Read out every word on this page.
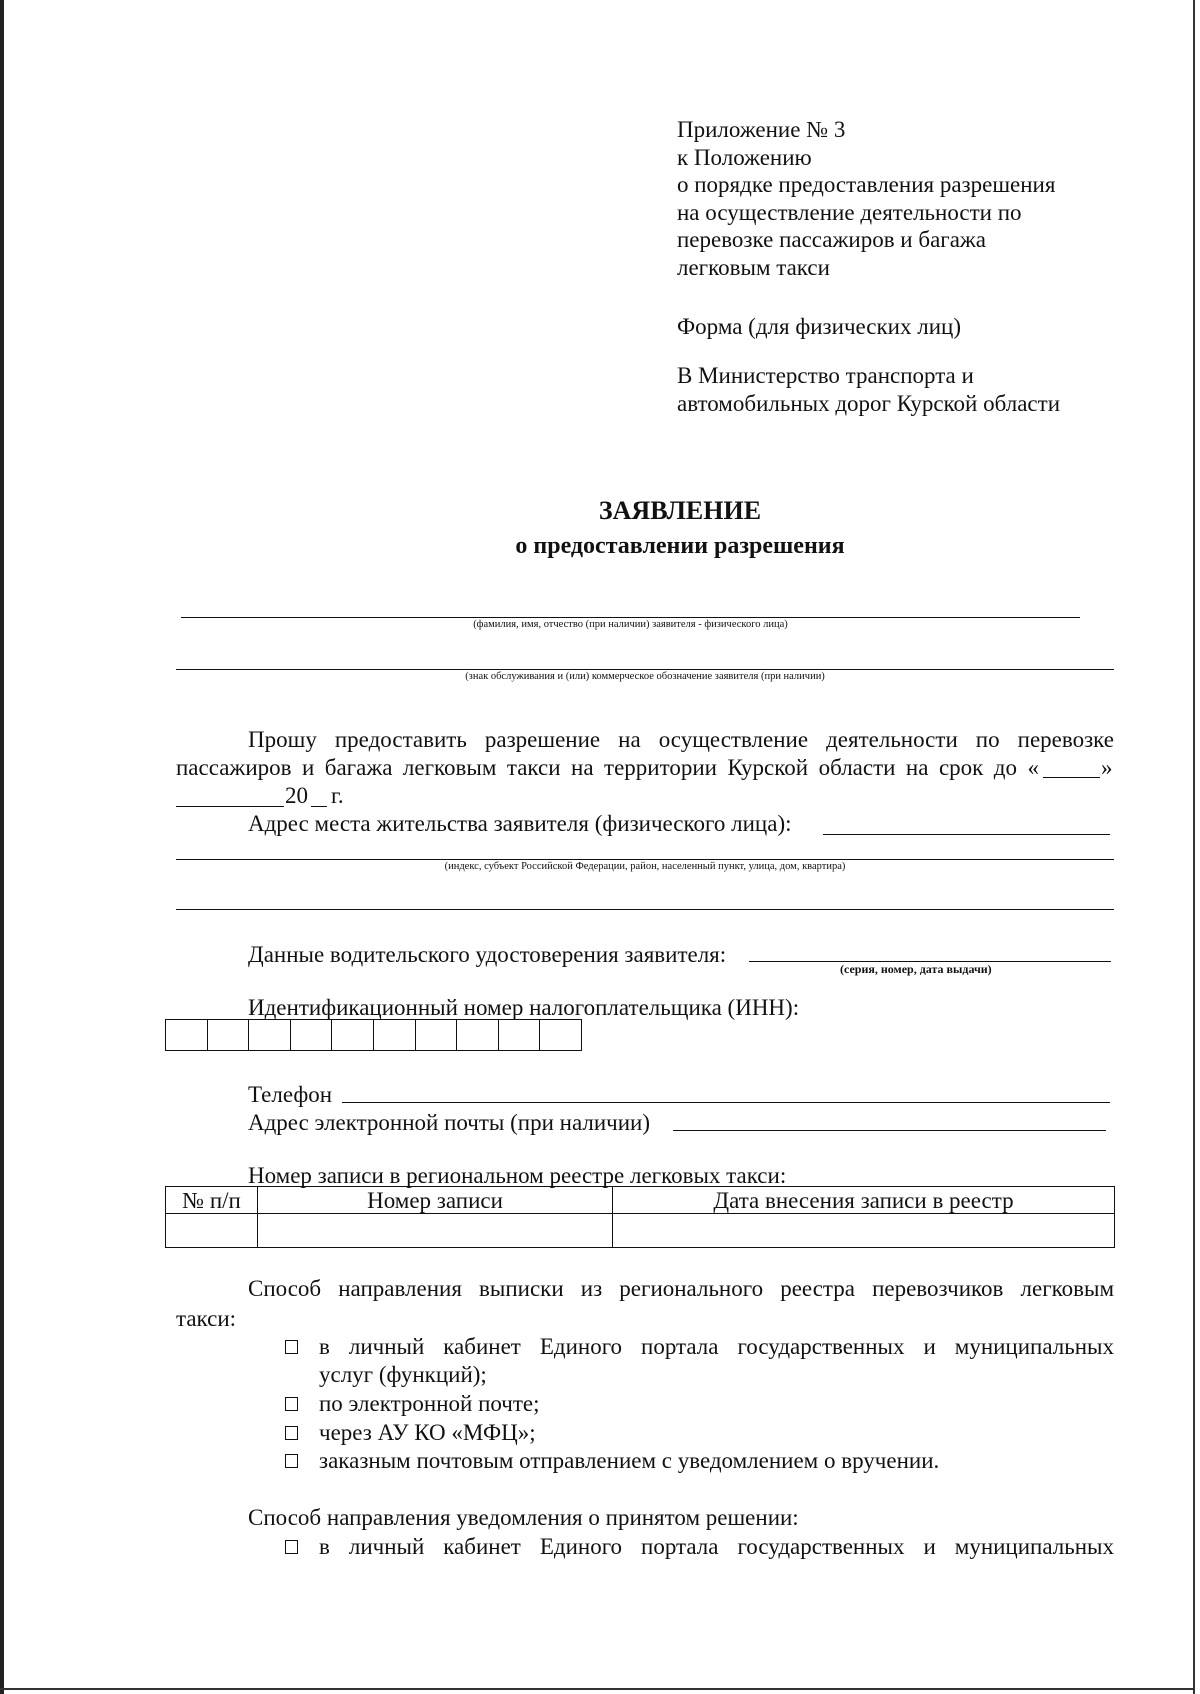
Приложение № 3
к Положению
о порядке предоставления разрешения
на осуществление деятельности по
перевозке пассажиров и багажа
легковым такси
Форма (для физических лиц)
В Министерство транспорта и
автомобильных дорог Курской области
ЗАЯВЛЕНИЕ
о предоставлении разрешения
(фамилия, имя, отчество (при наличии) заявителя - физического лица)
(знак обслуживания и (или) коммерческое обозначение заявителя (при наличии)
Прошу предоставить разрешение на осуществление деятельности по перевозке
пассажиров и багажа легковым такси на территории Курской области на срок до «	»
20 г.
Адрес места жительства заявителя (физического лица):
(индекс, субъект Российской Федерации, район, населенный пункт, улица, дом, квартира)
Данные водительского удостоверения заявителя:
(серия, номер, дата выдачи)
Идентификационный номер налогоплательщика (ИНН):
Телефон
Адрес электронной почты (при наличии)
Номер записи в региональном реестре легковых такси:
№ п/п	Номер записи	Дата внесения записи в реестр

Способ направления выписки из регионального реестра перевозчиков легковым
такси:
в личный кабинет Единого портала государственных и муниципальных
услуг (функций);
по электронной почте;
через АУ КО «МФЦ»;
заказным почтовым отправлением с уведомлением о вручении.
Способ направления уведомления о принятом решении:
в личный кабинет Единого портала государственных и муниципальных
